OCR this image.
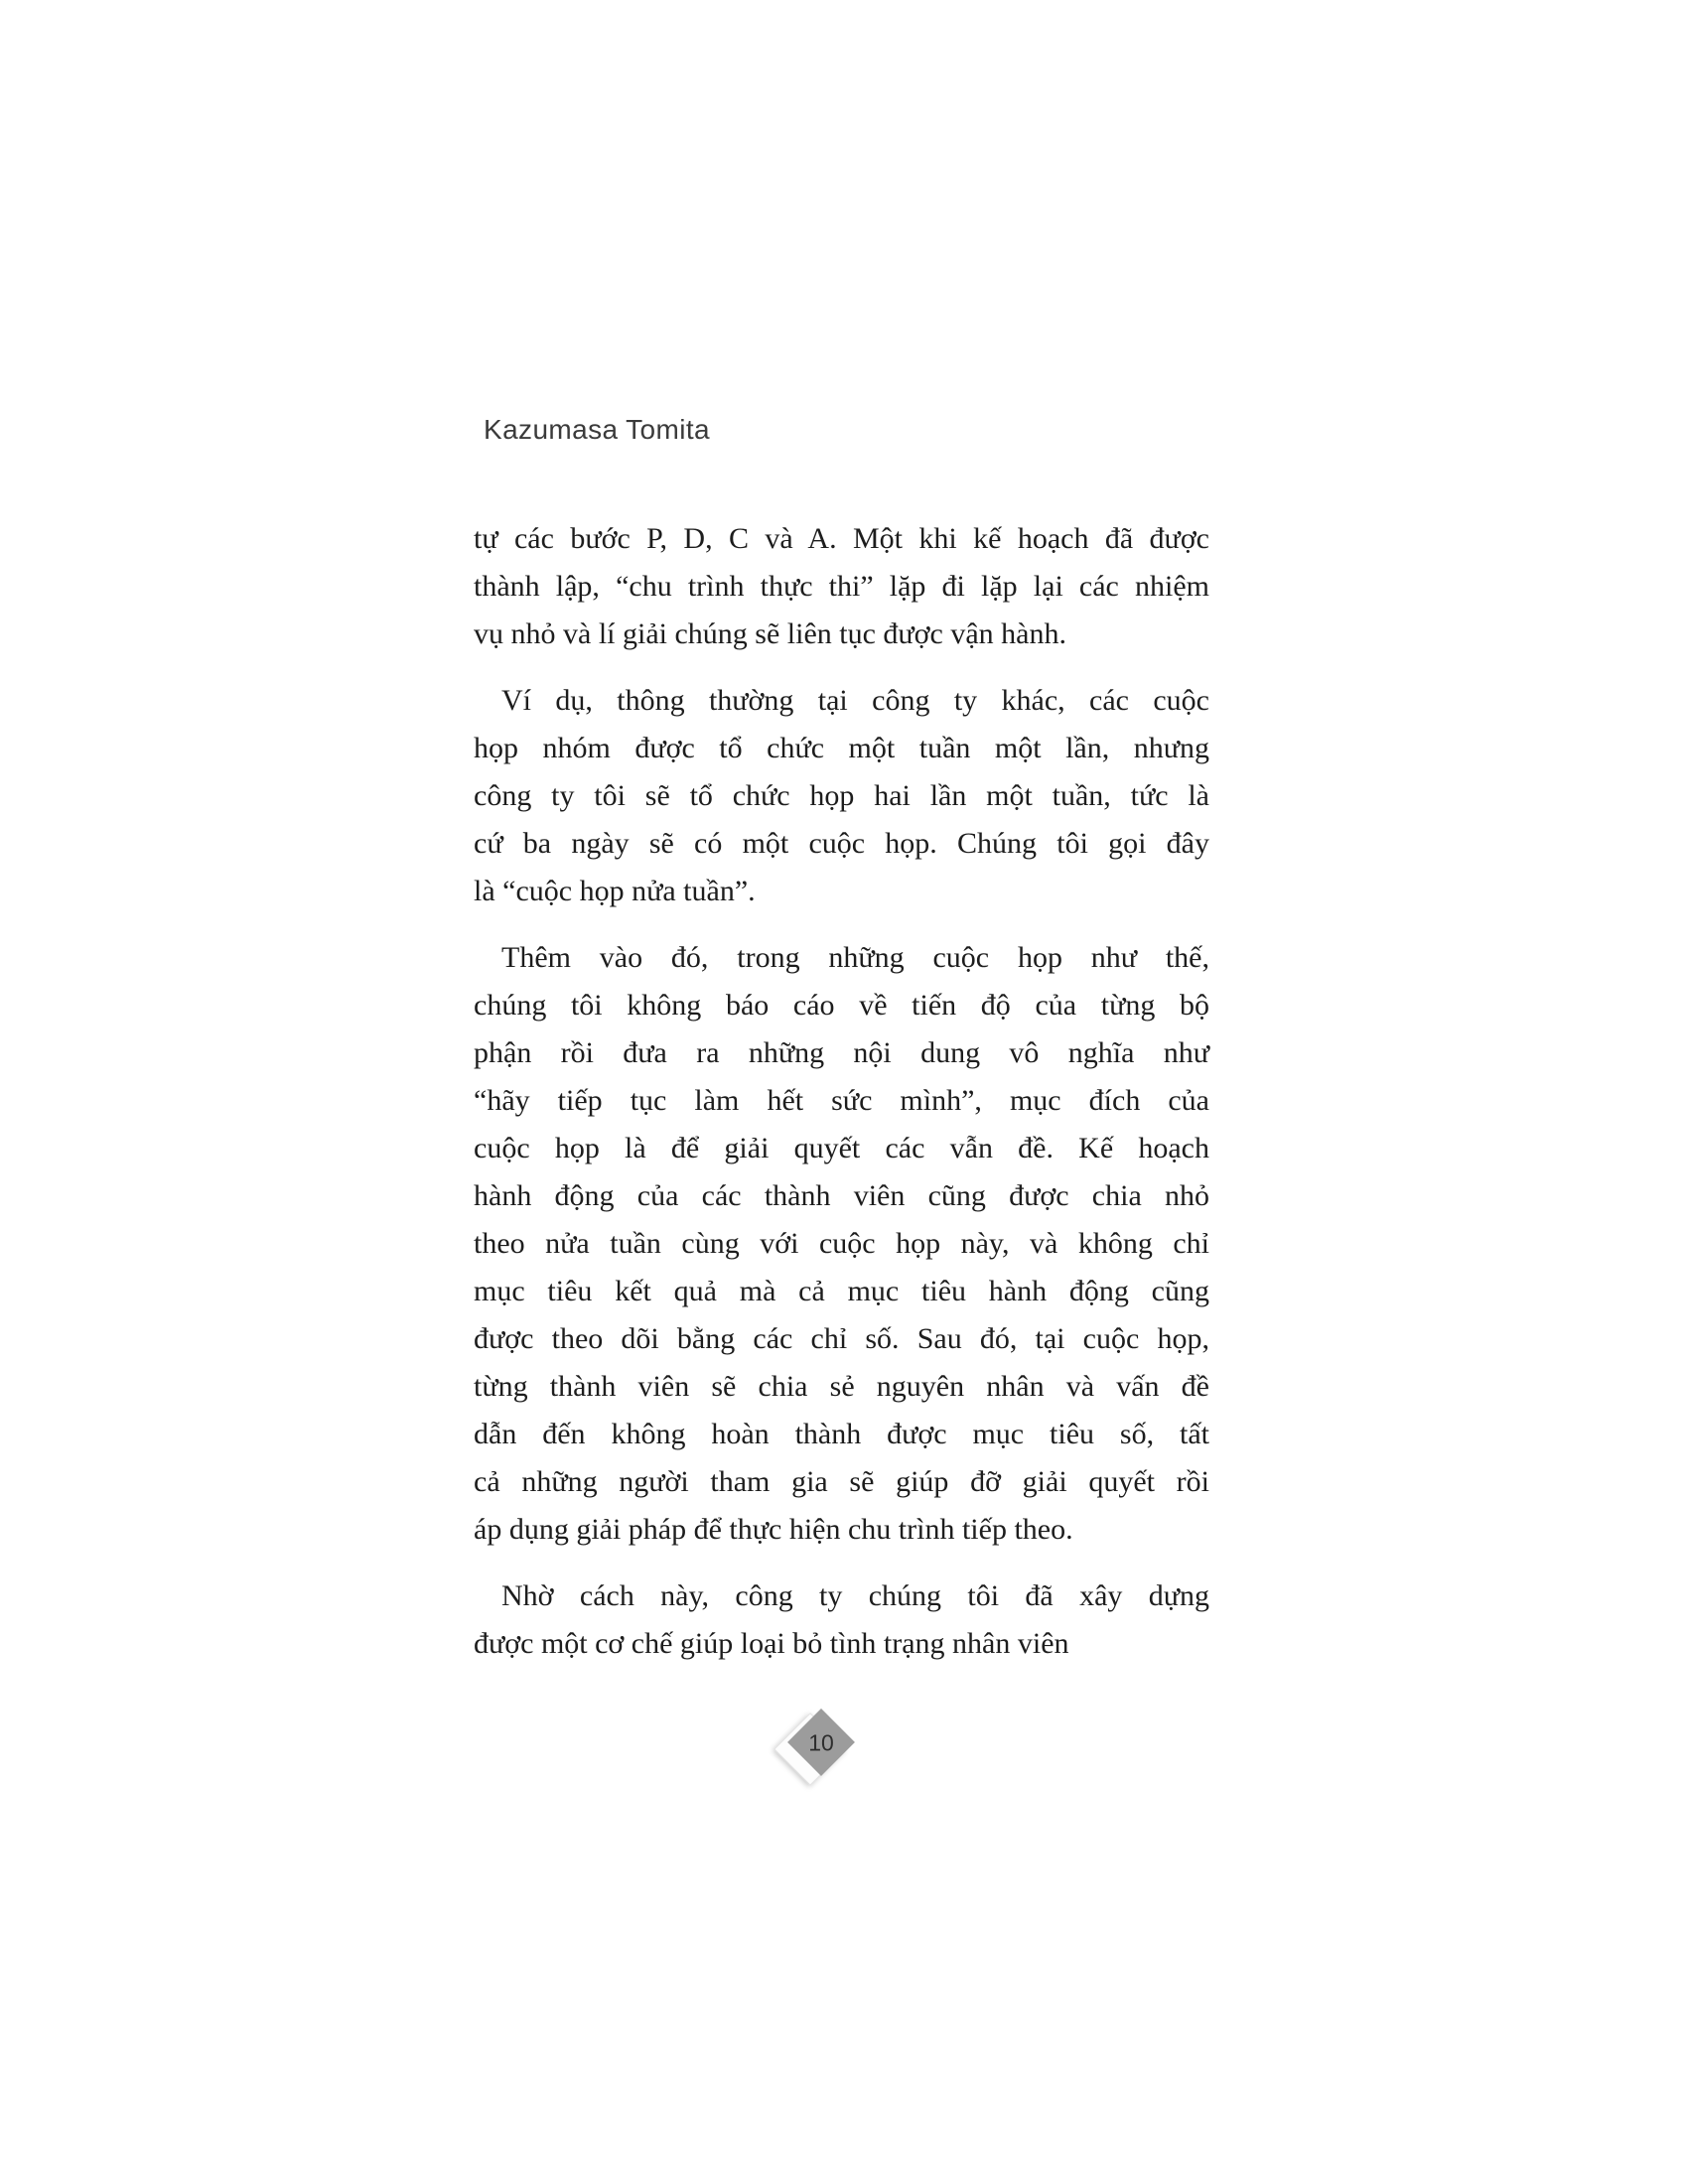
Kazumasa Tomita
tự các bước P, D, C và A. Một khi kế hoạch đã được
thành lập, “chu trình thực thi” lặp đi lặp lại các nhiệm
vụ nhỏ và lí giải chúng sẽ liên tục được vận hành.
Ví dụ, thông thường tại công ty khác, các cuộc
họp nhóm được tổ chức một tuần một lần, nhưng
công ty tôi sẽ tổ chức họp hai lần một tuần, tức là
cứ ba ngày sẽ có một cuộc họp. Chúng tôi gọi đây
là “cuộc họp nửa tuần”.
Thêm vào đó, trong những cuộc họp như thế,
chúng tôi không báo cáo về tiến độ của từng bộ
phận rồi đưa ra những nội dung vô nghĩa như
“hãy tiếp tục làm hết sức mình”, mục đích của
cuộc họp là để giải quyết các vẫn đề. Kế hoạch
hành động của các thành viên cũng được chia nhỏ
theo nửa tuần cùng với cuộc họp này, và không chỉ
mục tiêu kết quả mà cả mục tiêu hành động cũng
được theo dõi bằng các chỉ số. Sau đó, tại cuộc họp,
từng thành viên sẽ chia sẻ nguyên nhân và vấn đề
dẫn đến không hoàn thành được mục tiêu số, tất
cả những người tham gia sẽ giúp đỡ giải quyết rồi
áp dụng giải pháp để thực hiện chu trình tiếp theo.
Nhờ cách này, công ty chúng tôi đã xây dựng
được một cơ chế giúp loại bỏ tình trạng nhân viên
10
